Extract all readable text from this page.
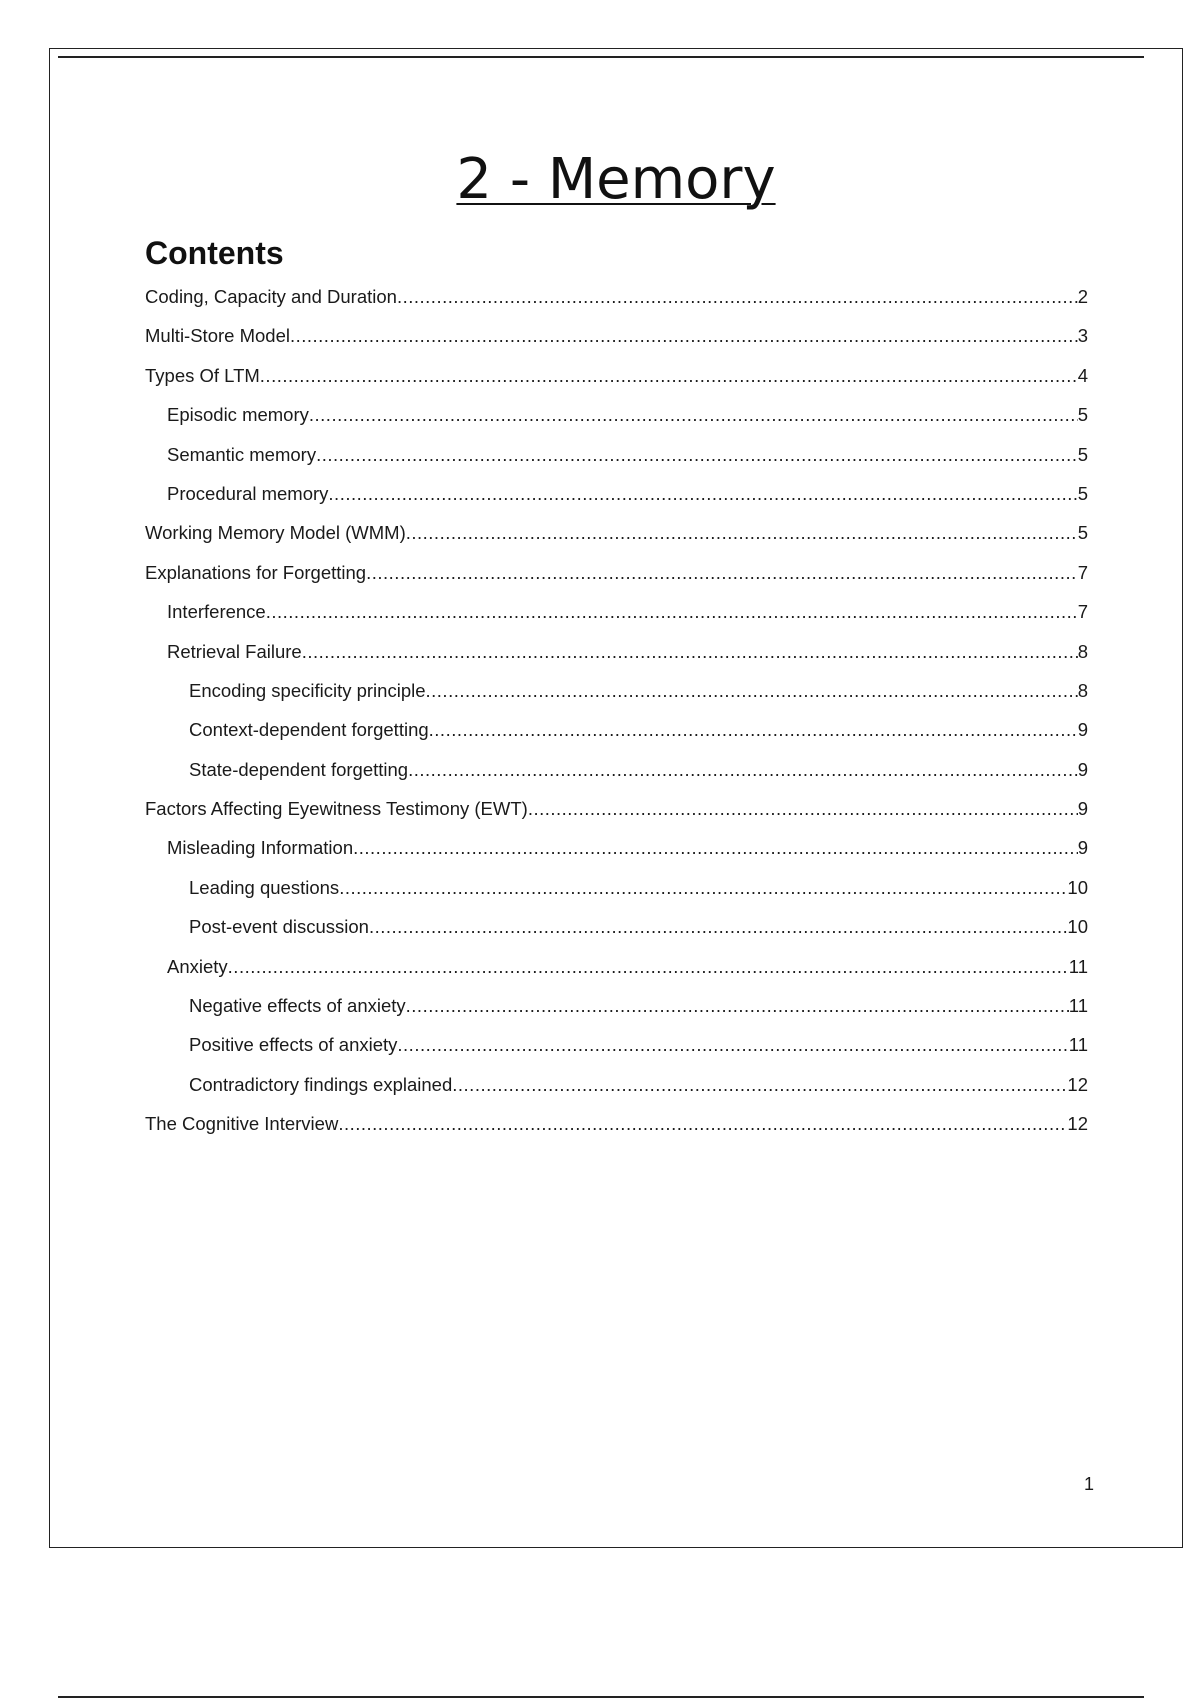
2 - Memory
Contents
Coding, Capacity and Duration .....	2
Multi-Store Model .....	3
Types Of LTM .....	4
Episodic memory .....	5
Semantic memory .....	5
Procedural memory .....	5
Working Memory Model (WMM) .....	5
Explanations for Forgetting .....	7
Interference .....	7
Retrieval Failure .....	8
Encoding specificity principle .....	8
Context-dependent forgetting .....	9
State-dependent forgetting .....	9
Factors Affecting Eyewitness Testimony (EWT) .....	9
Misleading Information .....	9
Leading questions .....	10
Post-event discussion .....	10
Anxiety .....	11
Negative effects of anxiety .....	11
Positive effects of anxiety .....	11
Contradictory findings explained .....	12
The Cognitive Interview .....	12
1
